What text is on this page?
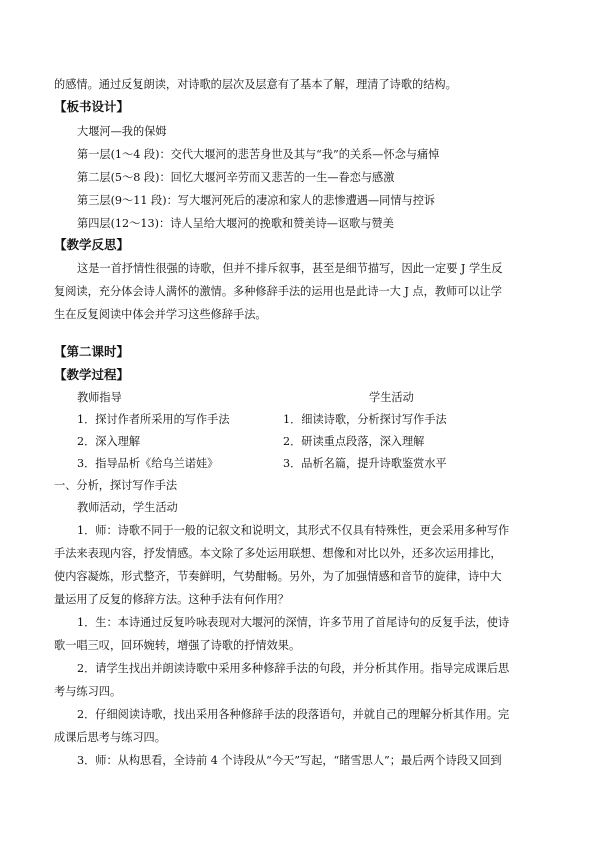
的感情。通过反复朗读，对诗歌的层次及层意有了基本了解，理清了诗歌的结构。
【板书设计】
大堰河—我的保姆
第一层(1～4 段)：交代大堰河的悲苦身世及其与“我”的关系—怀念与痛悼
第二层(5～8 段)：回忆大堰河辛劳而又悲苦的一生—眷恋与感激
第三层(9～11 段)：写大堰河死后的凄凉和家人的悲惨遭遇—同情与控诉
第四层(12～13)：诗人呈给大堰河的挽歌和赞美诗—讴歌与赞美
【教学反思】
这是一首抒情性很强的诗歌，但并不排斥叙事，甚至是细节描写，因此一定要 J 学生反
复阅读，充分体会诗人满怀的激情。多种修辞手法的运用也是此诗一大 J 点，教师可以让学
生在反复阅读中体会并学习这些修辞手法。
【第二课时】
【教学过程】
教师指导	学生活动
1．探讨作者所采用的写作手法	1．细读诗歌，分析探讨写作手法
2．深入理解	2．研读重点段落，深入理解
3．指导品析《给乌兰诺娃》	3．品析名篇，提升诗歌鉴赏水平
一、分析，探讨写作手法
教师活动，学生活动
1．师：诗歌不同于一般的记叙文和说明文，其形式不仅具有特殊性，更会采用多种写作
手法来表现内容，抒发情感。本文除了多处运用联想、想像和对比以外，还多次运用排比，
使内容凝炼，形式整齐，节奏鲜明，气势酣畅。另外，为了加强情感和音节的旋律，诗中大
量运用了反复的修辞方法。这种手法有何作用？
1．生：本诗通过反复吟咏表现对大堰河的深情，许多节用了首尾诗句的反复手法，使诗
歌一唱三叹，回环婉转，增强了诗歌的抒情效果。
2．请学生找出并朗读诗歌中采用多种修辞手法的句段，并分析其作用。指导完成课后思
考与练习四。
2．仔细阅读诗歌，找出采用各种修辞手法的段落语句，并就自己的理解分析其作用。完
成课后思考与练习四。
3．师：从构思看，全诗前 4 个诗段从“今天”写起，“睹雪思人”；最后两个诗段又回到
